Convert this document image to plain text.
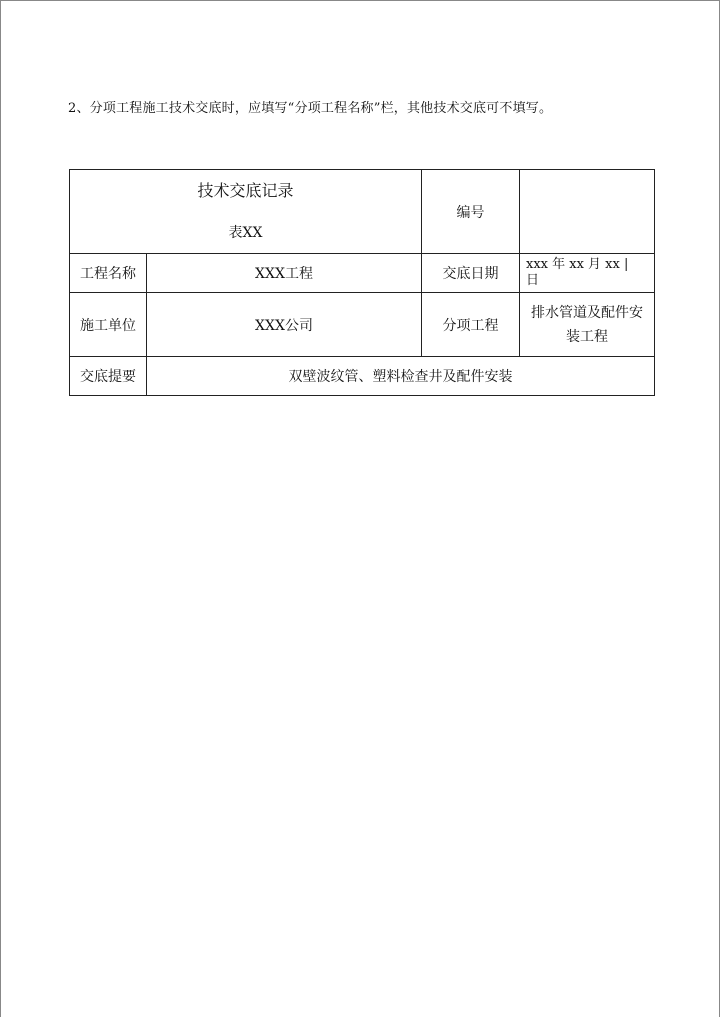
2、分项工程施工技术交底时，应填写“分项工程名称”栏，其他技术交底可不填写。
技术交底记录
表XX		编号	
工程名称	XXX工程	交底日期	xxx 年 xx 月 xx |
日

施工单位	XXX公司	分项工程	排水管道及配件安装工程
交底提要	双壁波纹管、塑料检查井及配件安装		
